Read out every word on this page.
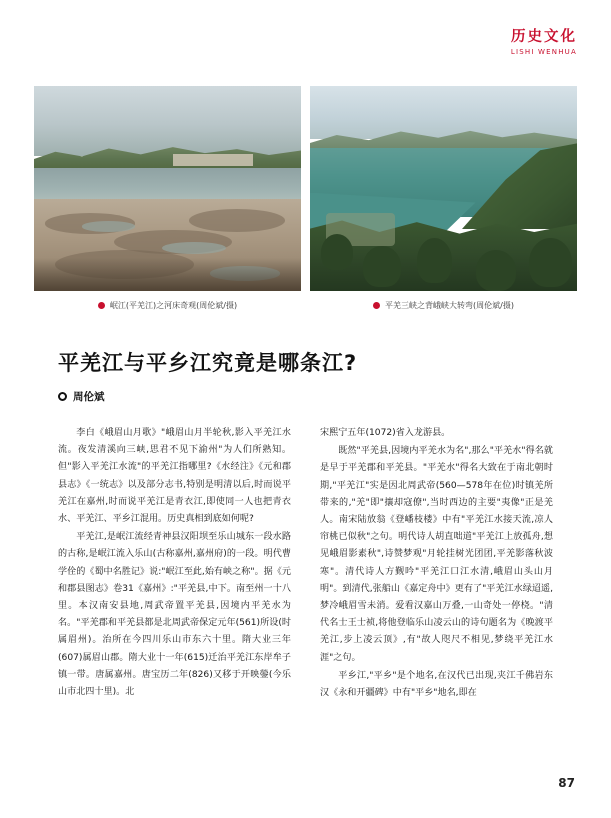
历史文化
LISHI WENHUA
岷江(平羌江)之河床奇观(周伦斌/摄)	平羌三峡之背峨峡大转弯(周伦斌/摄)
平羌江与平乡江究竟是哪条江?
周伦斌

李白《峨眉山月歌》"峨眉山月半轮秋,影入平羌江水流。夜发清溪向三峡,思君不见下渝州"为人们所熟知。但"影入平羌江水流"的平羌江指哪里?《水经注》《元和郡县志》《一统志》以及部分志书,特别是明清以后,时而说平羌江在嘉州,时而说平羌江是青衣江,即使同一人也把青衣水、平羌江、平乡江混用。历史真相到底如何呢?

平羌江,是岷江流经青神县汉阳坝至乐山城东一段水路的古称,是岷江流入乐山(古称嘉州,嘉州府)的一段。明代曹学佺的《蜀中名胜记》说:"岷江至此,始有峡之称"。据《元和郡县图志》卷31《嘉州》:"平羌县,中下。南至州一十八里。本汉南安县地,周武帝置平羌县,因境内平羌水为名。"平羌郡和平羌县都是北周武帝保定元年(561)所设(时属眉州)。治所在今四川乐山市东六十里。隋大业三年(607)属眉山郡。隋大业十一年(615)迁治平羌江东岸牟子镇一带。唐属嘉州。唐宝历二年(826)又移于开映鎣(今乐山市北四十里)。北

宋熙宁五年(1072)省入龙游县。

既然"平羌县,因境内平羌水为名",那么"平羌水"得名就是早于平羌郡和平羌县。"平羌水"得名大致在于南北朝时期,"平羌江"实是因北周武帝(560—578年在位)时镇羌所带来的,"羌"即"攘却寇僚",当时西边的主要"夷像"正是羌人。南宋陆放翁《登嶓枝楼》中有"平羌江水接天流,凉人帘桃已似秋"之句。明代诗人胡直咄道"平羌江上放孤舟,想见峨眉影素秋",诗赞梦观"月轮挂树光团团,平羌影落秋波寒"。清代诗人方觐吟"平羌江口江水清,峨眉山头山月明"。到清代,张船山《嘉定舟中》更有了"平羌江水绿迢遥,梦冷峨眉雪未消。爱看汉嘉山万叠,一山奇处一停桡。"清代名士王士祯,将他登临乐山凌云山的诗句题名为《晚渡平羌江,步上凌云顶》,有"故人咫尺不相见,梦绕平羌江水涯"之句。

平乡江,"平乡"是个地名,在汉代已出现,夹江千佛岩东汉《永和开疆碑》中有"平乡"地名,即在

87
